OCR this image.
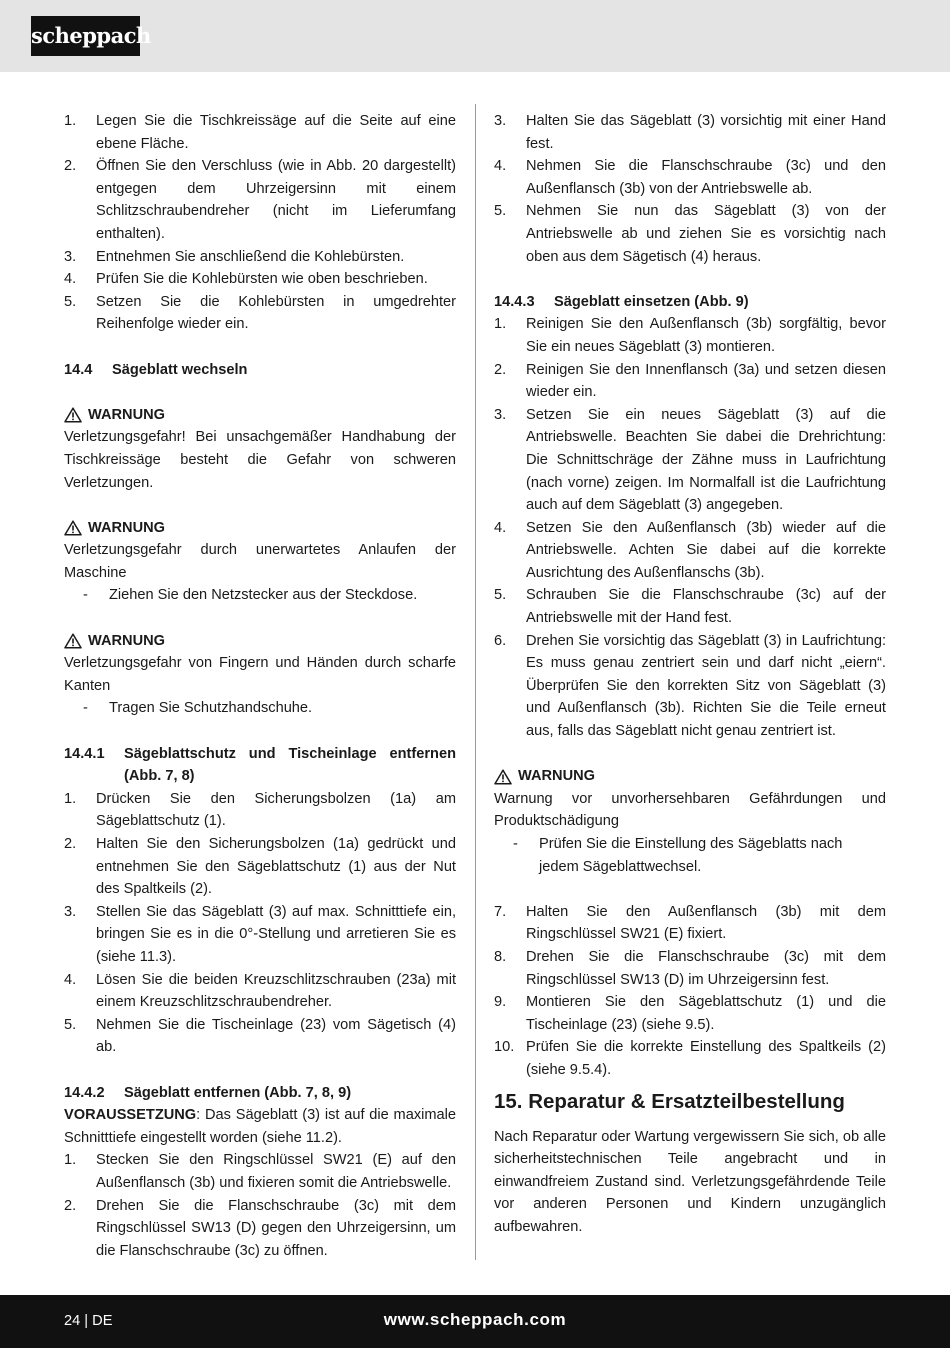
scheppach
1.	Legen Sie die Tischkreissäge auf die Seite auf eine ebene Fläche.
2.	Öffnen Sie den Verschluss (wie in Abb. 20 dargestellt) entgegen dem Uhrzeigersinn mit einem Schlitzschraubendreher (nicht im Lieferumfang enthalten).
3.	Entnehmen Sie anschließend die Kohlebürsten.
4.	Prüfen Sie die Kohlebürsten wie oben beschrieben.
5.	Setzen Sie die Kohlebürsten in umgedrehter Reihenfolge wieder ein.
14.4	Sägeblatt wechseln
WARNUNG

Verletzungsgefahr! Bei unsachgemäßer Handhabung der Tischkreissäge besteht die Gefahr von schweren Verletzungen.

WARNUNG

Verletzungsgefahr durch unerwartetes Anlaufen der Maschine

-	Ziehen Sie den Netzstecker aus der Steckdose.
WARNUNG

Verletzungsgefahr von Fingern und Händen durch scharfe Kanten

-	Tragen Sie Schutzhandschuhe.
14.4.1	Sägeblattschutz und Tischeinlage entfernen (Abb. 7, 8)
1.	Drücken Sie den Sicherungsbolzen (1a) am Sägeblattschutz (1).
2.	Halten Sie den Sicherungsbolzen (1a) gedrückt und entnehmen Sie den Sägeblattschutz (1) aus der Nut des Spaltkeils (2).
3.	Stellen Sie das Sägeblatt (3) auf max. Schnitttiefe ein, bringen Sie es in die 0°-Stellung und arretieren Sie es (siehe 11.3).
4.	Lösen Sie die beiden Kreuzschlitzschrauben (23a) mit einem Kreuzschlitzschraubendreher.
5.	Nehmen Sie die Tischeinlage (23) vom Sägetisch (4) ab.
14.4.2	Sägeblatt entfernen (Abb. 7, 8, 9)

VORAUSSETZUNG: Das Sägeblatt (3) ist auf die maximale Schnitttiefe eingestellt worden (siehe 11.2).

1.	Stecken Sie den Ringschlüssel SW21 (E) auf den Außenflansch (3b) und fixieren somit die Antriebswelle.
2.	Drehen Sie die Flanschschraube (3c) mit dem Ringschlüssel SW13 (D) gegen den Uhrzeigersinn, um die Flanschschraube (3c) zu öffnen.
3.	Halten Sie das Sägeblatt (3) vorsichtig mit einer Hand fest.
4.	Nehmen Sie die Flanschschraube (3c) und den Außenflansch (3b) von der Antriebswelle ab.
5.	Nehmen Sie nun das Sägeblatt (3) von der Antriebswelle ab und ziehen Sie es vorsichtig nach oben aus dem Sägetisch (4) heraus.
14.4.3	Sägeblatt einsetzen (Abb. 9)
1.	Reinigen Sie den Außenflansch (3b) sorgfältig, bevor Sie ein neues Sägeblatt (3) montieren.
2.	Reinigen Sie den Innenflansch (3a) und setzen diesen wieder ein.
3.	Setzen Sie ein neues Sägeblatt (3) auf die Antriebswelle. Beachten Sie dabei die Drehrichtung: Die Schnittschräge der Zähne muss in Laufrichtung (nach vorne) zeigen. Im Normalfall ist die Laufrichtung auch auf dem Sägeblatt (3) angegeben.
4.	Setzen Sie den Außenflansch (3b) wieder auf die Antriebswelle. Achten Sie dabei auf die korrekte Ausrichtung des Außenflanschs (3b).
5.	Schrauben Sie die Flanschschraube (3c) auf der Antriebswelle mit der Hand fest.
6.	Drehen Sie vorsichtig das Sägeblatt (3) in Laufrichtung: Es muss genau zentriert sein und darf nicht „eiern“. Überprüfen Sie den korrekten Sitz von Sägeblatt (3) und Außenflansch (3b). Richten Sie die Teile erneut aus, falls das Sägeblatt nicht genau zentriert ist.
WARNUNG

Warnung vor unvorhersehbaren Gefährdungen und Produktschädigung

-	Prüfen Sie die Einstellung des Sägeblatts nach jedem Sägeblattwechsel.
7.	Halten Sie den Außenflansch (3b) mit dem Ringschlüssel SW21 (E) fixiert.
8.	Drehen Sie die Flanschschraube (3c) mit dem Ringschlüssel SW13 (D) im Uhrzeigersinn fest.
9.	Montieren Sie den Sägeblattschutz (1) und die Tischeinlage (23) (siehe 9.5).
10. Prüfen Sie die korrekte Einstellung des Spaltkeils (2) (siehe 9.5.4).
15. Reparatur & Ersatzteilbestellung

Nach Reparatur oder Wartung vergewissern Sie sich, ob alle sicherheitstechnischen Teile angebracht und in einwandfreiem Zustand sind. Verletzungsgefährdende Teile vor anderen Personen und Kindern unzugänglich aufbewahren.

24 | DE	www.scheppach.com
